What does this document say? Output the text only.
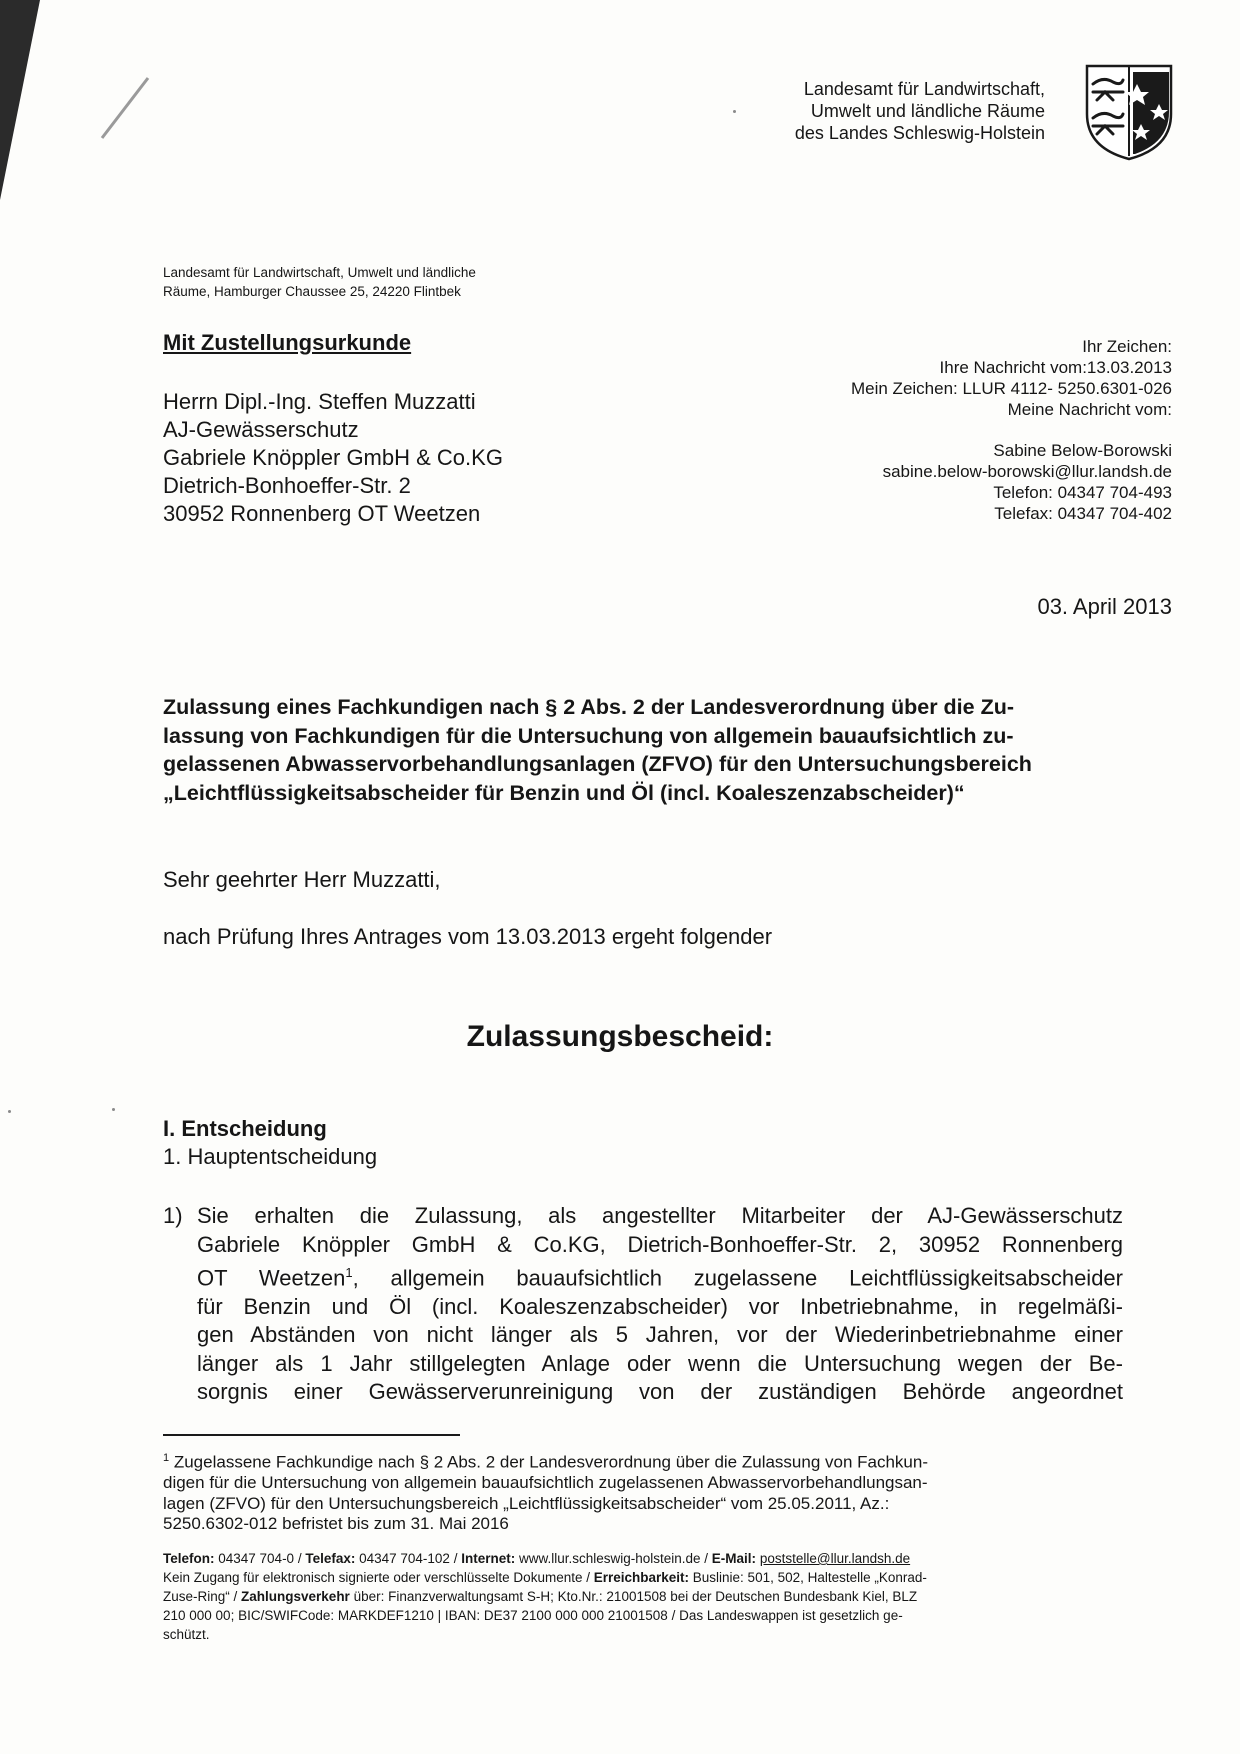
Landesamt für Landwirtschaft,
Umwelt und ländliche Räume
des Landes Schleswig-Holstein
Landesamt für Landwirtschaft, Umwelt und ländliche
Räume, Hamburger Chaussee 25, 24220 Flintbek
Mit Zustellungsurkunde
Herrn Dipl.-Ing. Steffen Muzzatti
AJ-Gewässerschutz
Gabriele Knöppler GmbH & Co.KG
Dietrich-Bonhoeffer-Str. 2
30952 Ronnenberg OT Weetzen
Ihr Zeichen:
Ihre Nachricht vom:13.03.2013
Mein Zeichen: LLUR 4112- 5250.6301-026
Meine Nachricht vom:
Sabine Below-Borowski
sabine.below-borowski@llur.landsh.de
Telefon: 04347 704-493
Telefax: 04347 704-402
03. April 2013
Zulassung eines Fachkundigen nach § 2 Abs. 2 der Landesverordnung über die Zu-
lassung von Fachkundigen für die Untersuchung von allgemein bauaufsichtlich zu-
gelassenen Abwasservorbehandlungsanlagen (ZFVO) für den Untersuchungsbereich
„Leichtflüssigkeitsabscheider für Benzin und Öl (incl. Koaleszenzabscheider)“
Sehr geehrter Herr Muzzatti,
nach Prüfung Ihres Antrages vom 13.03.2013 ergeht folgender
Zulassungsbescheid:
I. Entscheidung
1. Hauptentscheidung
1) Sie erhalten die Zulassung, als angestellter Mitarbeiter der AJ-Gewässerschutz
Gabriele Knöppler GmbH & Co.KG, Dietrich-Bonhoeffer-Str. 2, 30952 Ronnenberg
OT Weetzen$^1$, allgemein bauaufsichtlich zugelassene Leichtflüssigkeitsabscheider
für Benzin und Öl (incl. Koaleszenzabscheider) vor Inbetriebnahme, in regelmäßi-
gen Abständen von nicht länger als 5 Jahren, vor der Wiederinbetriebnahme einer
länger als 1 Jahr stillgelegten Anlage oder wenn die Untersuchung wegen der Be-
sorgnis einer Gewässerverunreinigung von der zuständigen Behörde angeordnet
$^1$ Zugelassene Fachkundige nach § 2 Abs. 2 der Landesverordnung über die Zulassung von Fachkun-
digen für die Untersuchung von allgemein bauaufsichtlich zugelassenen Abwasservorbehandlungsan-
lagen (ZFVO) für den Untersuchungsbereich „Leichtflüssigkeitsabscheider“ vom 25.05.2011, Az.:
5250.6302-012 befristet bis zum 31. Mai 2016
Telefon: 04347 704-0 / Telefax: 04347 704-102 / Internet: www.llur.schleswig-holstein.de / E-Mail: poststelle@llur.landsh.de
Kein Zugang für elektronisch signierte oder verschlüsselte Dokumente / Erreichbarkeit: Buslinie: 501, 502, Haltestelle „Konrad-
Zuse-Ring“ / Zahlungsverkehr über: Finanzverwaltungsamt S-H; Kto.Nr.: 21001508 bei der Deutschen Bundesbank Kiel, BLZ
210 000 00; BIC/SWIFCode: MARKDEF1210 | IBAN: DE37 2100 000 000 21001508 / Das Landeswappen ist gesetzlich ge-
schützt.
